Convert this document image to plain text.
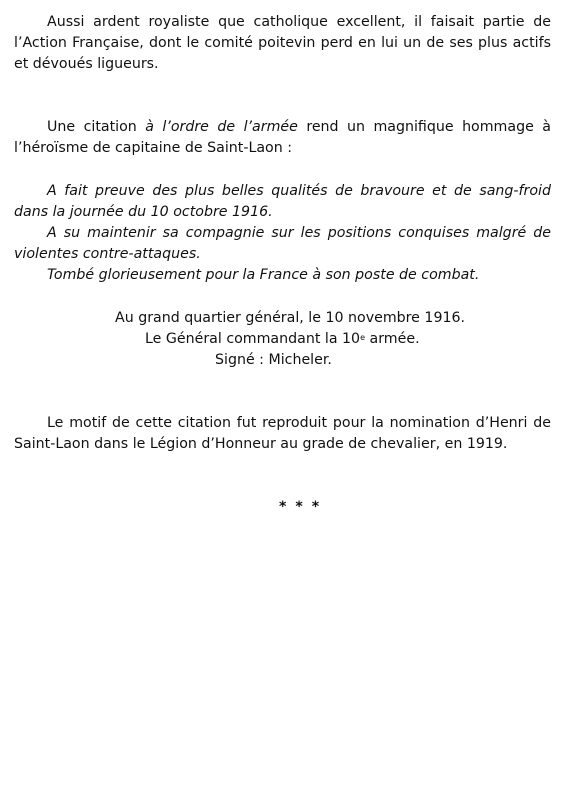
Aussi ardent royaliste que catholique excellent, il faisait partie de l’Action Française, dont le comité poitevin perd en lui un de ses plus actifs et dévoués ligueurs.

Une citation à l’ordre de l’armée rend un magnifique hommage à l’héroïsme de capitaine de Saint-Laon :

A fait preuve des plus belles qualités de bravoure et de sang-froid dans la journée du 10 octobre 1916.

A su maintenir sa compagnie sur les positions conquises malgré de violentes contre-attaques.

Tombé glorieusement pour la France à son poste de combat.

Au grand quartier général, le 10 novembre 1916.

Le Général commandant la 10e armée.

Signé : Micheler.

Le motif de cette citation fut reproduit pour la nomination d’Henri de Saint-Laon dans le Légion d’Honneur au grade de chevalier, en 1919.

* * *
